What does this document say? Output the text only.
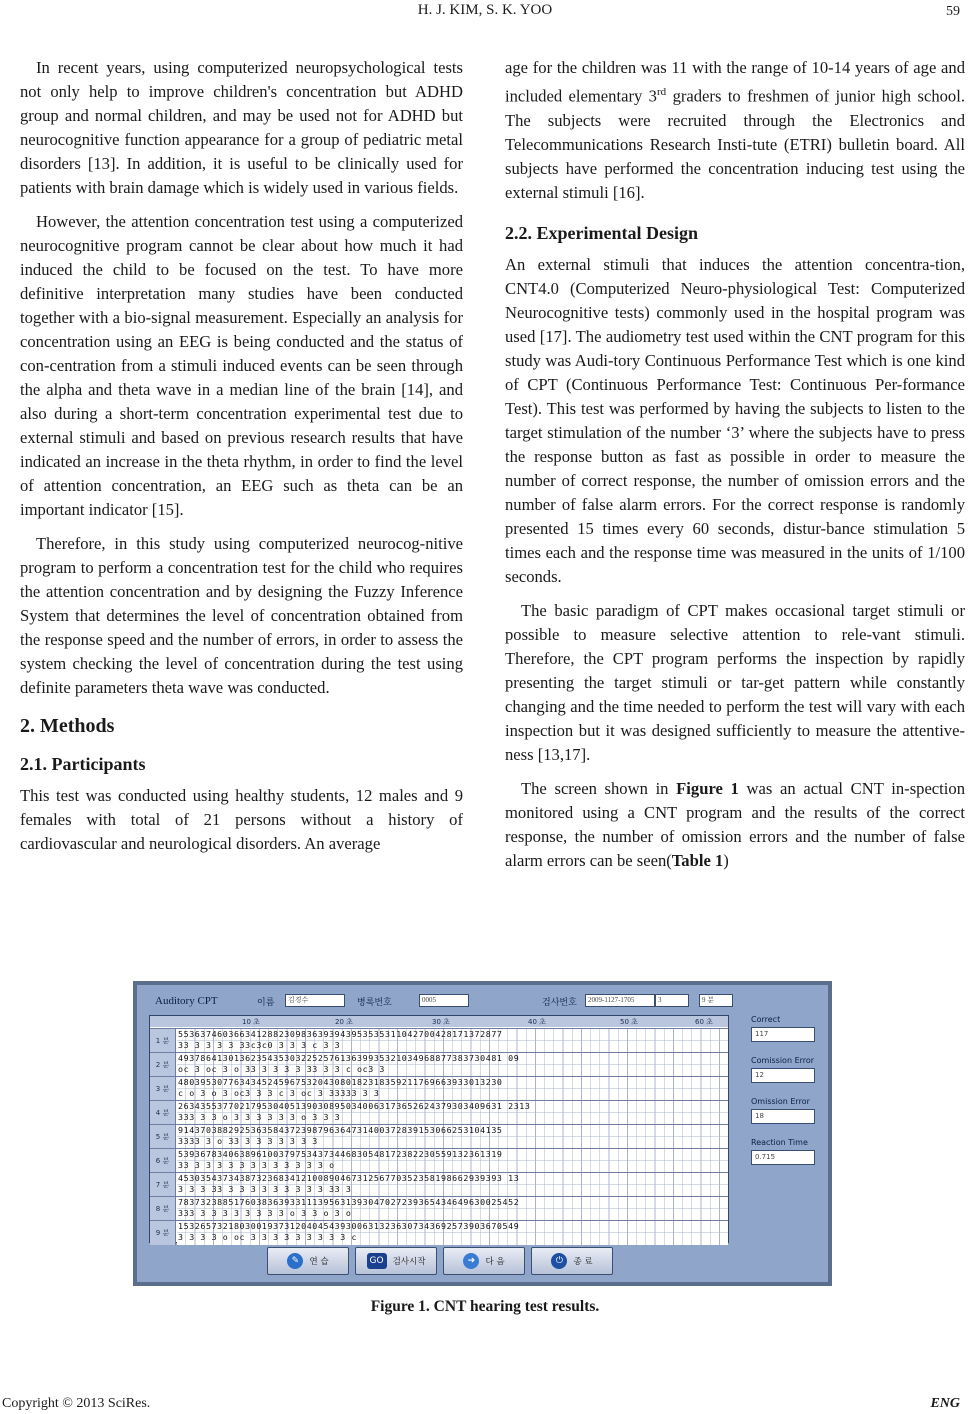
H. J. KIM, S. K. YOO	59

In recent years, using computerized neuropsychological tests not only help to improve children's concentration but ADHD group and normal children, and may be used not for ADHD but neurocognitive function appearance for a group of pediatric metal disorders [13]. In addition, it is useful to be clinically used for patients with brain damage which is widely used in various fields.

However, the attention concentration test using a computerized neurocognitive program cannot be clear about how much it had induced the child to be focused on the test. To have more definitive interpretation many studies have been conducted together with a bio-signal measurement. Especially an analysis for concentration using an EEG is being conducted and the status of con-centration from a stimuli induced events can be seen through the alpha and theta wave in a median line of the brain [14], and also during a short-term concentration experimental test due to external stimuli and based on previous research results that have indicated an increase in the theta rhythm, in order to find the level of attention concentration, an EEG such as theta can be an important indicator [15].

Therefore, in this study using computerized neurocog-nitive program to perform a concentration test for the child who requires the attention concentration and by designing the Fuzzy Inference System that determines the level of concentration obtained from the response speed and the number of errors, in order to assess the system checking the level of concentration during the test using definite parameters theta wave was conducted.

2. Methods
2.1. Participants

This test was conducted using healthy students, 12 males and 9 females with total of 21 persons without a history of cardiovascular and neurological disorders. An average

age for the children was 11 with the range of 10-14 years of age and included elementary 3rd graders to freshmen of junior high school. The subjects were recruited through the Electronics and Telecommunications Research Insti-tute (ETRI) bulletin board. All subjects have performed the concentration inducing test using the external stimuli [16].

2.2. Experimental Design

An external stimuli that induces the attention concentra-tion, CNT4.0 (Computerized Neuro-physiological Test: Computerized Neurocognitive tests) commonly used in the hospital program was used [17]. The audiometry test used within the CNT program for this study was Audi-tory Continuous Performance Test which is one kind of CPT (Continuous Performance Test: Continuous Per-formance Test). This test was performed by having the subjects to listen to the target stimulation of the number ‘3’ where the subjects have to press the response button as fast as possible in order to measure the number of correct response, the number of omission errors and the number of false alarm errors. For the correct response is randomly presented 15 times every 60 seconds, distur-bance stimulation 5 times each and the response time was measured in the units of 1/100 seconds.

The basic paradigm of CPT makes occasional target stimuli or possible to measure selective attention to rele-vant stimuli. Therefore, the CPT program performs the inspection by rapidly presenting the target stimuli or tar-get pattern while constantly changing and the time needed to perform the test will vary with each inspection but it was designed sufficiently to measure the attentive-ness [13,17].

The screen shown in Figure 1 was an actual CNT in-spection monitored using a CNT program and the results of the correct response, the number of omission errors and the number of false alarm errors can be seen(Table 1)

Auditory CPT	이름	김경수	병록번호	0005	검사번호	2009-1127-1705	3	9 분
10 초	20 초	30 초	40 초	50 초	60 초
1 분
5536374603663412882309836393943953535311042700428171372877
33 3 3 3 3 33c3c0 3 3 3 c 3 3
2 분
4937864130136235435303225257613639935321034968877383730481 09
oc 3 oc 3 o 33 3 3 3 3 33 3 3 c oc3 3
3 분
4803953077634345245967532043080182318359211769663933013230
c o 3 o 3 oc3 3 3 c 3 oc 3 33333 3 3
4 분
2634355377021795304051390308950340063173652624379303409631 2313
333 3 3 o 3 3 3 3 3 3 o 3 3 3
5 분
9143703882925363584372398796364731400372839153066253104135
3333 3 o 33 3 3 3 3 3 3 3
6 분
5393678340638961003797534373446830548172382230559132361319
33 3 3 3 3 3 3 3 3 3 3 3 3 o
7 분
4530354373438732368341210089046731256770352358198662939393 13
3 3 3 33 3 3 3 3 3 3 3 3 3 33 3
8 분
7837323885176038363933111395631393047027239365434649630025452
333 3 3 3 3 3 3 3 3 o 3 3 o 3 o
9 분
1532657321803001937312040454393006313236307343692573903670549
3 3 3 3 o oc 3 3 3 3 3 3 3 3 3 c
Correct
117
Comission Error
12
Omission Error
18
Reaction Time
0.715
✎	연 습	GO	검사시작	➜	다 음	⏻	종 료
Figure 1. CNT hearing test results.
Copyright © 2013 SciRes.	ENG
